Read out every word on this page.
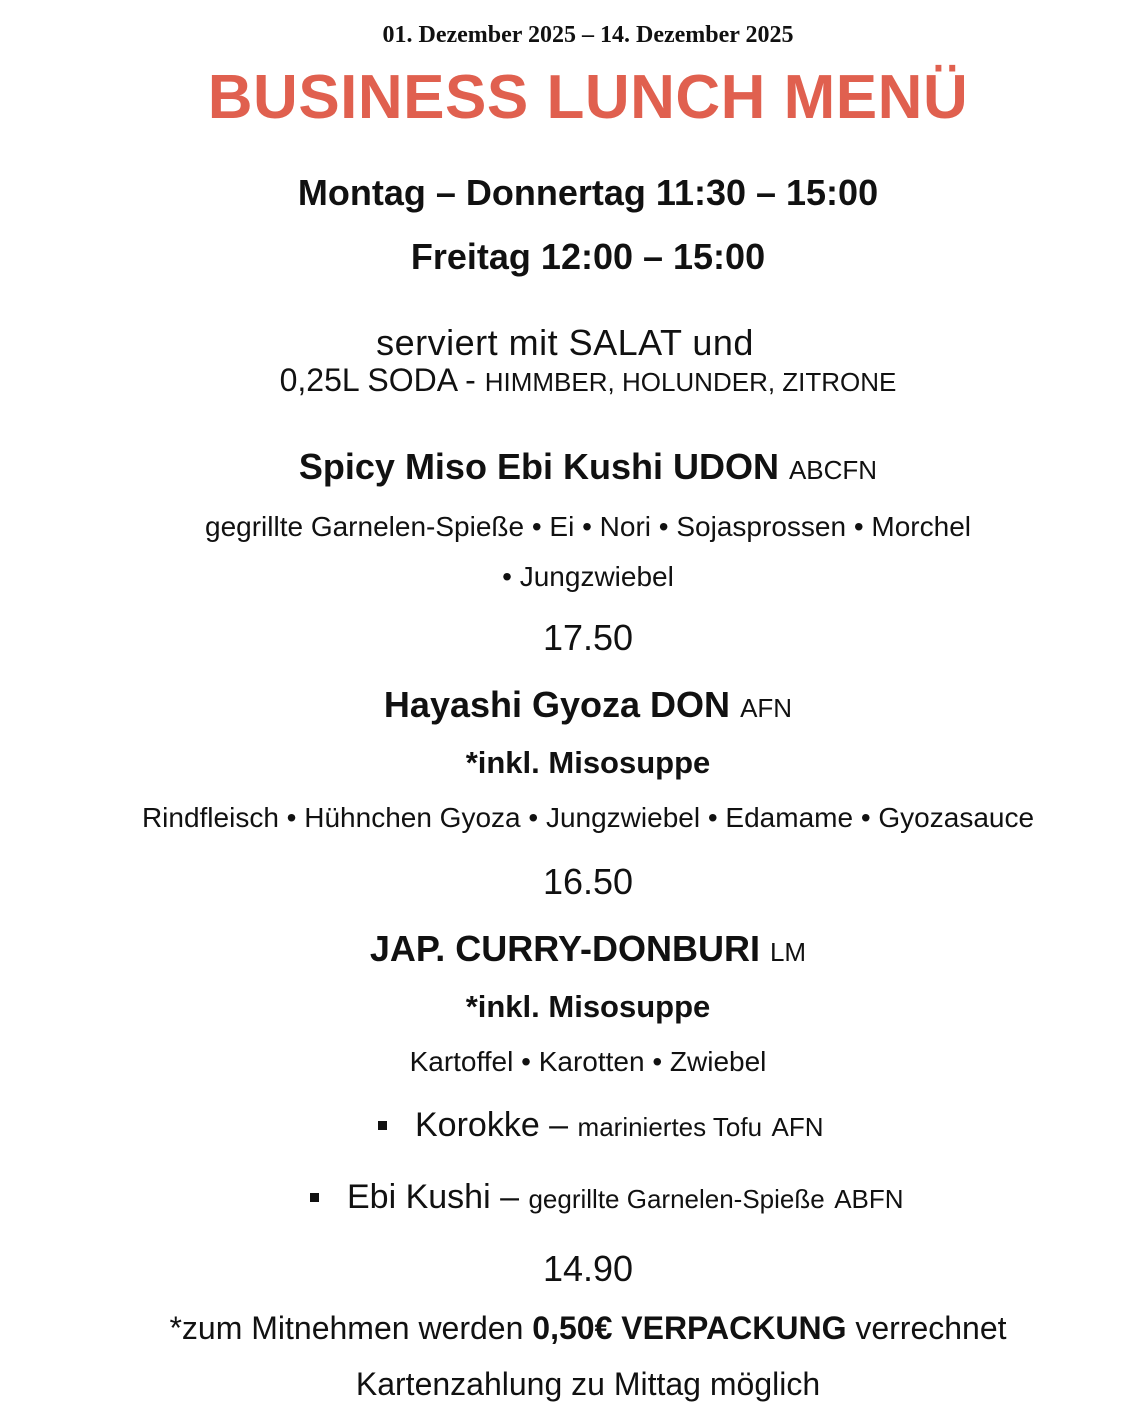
01. Dezember 2025 – 14. Dezember 2025
BUSINESS LUNCH MENÜ
Montag – Donnertag 11:30 – 15:00
Freitag 12:00 – 15:00
serviert mit SALAT und
0,25L SODA - HIMMBER, HOLUNDER, ZITRONE
Spicy Miso Ebi Kushi UDON ABCFN
gegrillte Garnelen-Spieße • Ei • Nori • Sojasprossen • Morchel
• Jungzwiebel
17.50
Hayashi Gyoza DON AFN
*inkl. Misosuppe
Rindfleisch • Hühnchen Gyoza • Jungzwiebel • Edamame • Gyozasauce
16.50
JAP. CURRY-DONBURI LM
*inkl. Misosuppe
Kartoffel • Karotten • Zwiebel
Korokke – mariniertes Tofu AFN
Ebi Kushi – gegrillte Garnelen-Spieße ABFN
14.90
*zum Mitnehmen werden 0,50€ VERPACKUNG verrechnet
Kartenzahlung zu Mittag möglich
